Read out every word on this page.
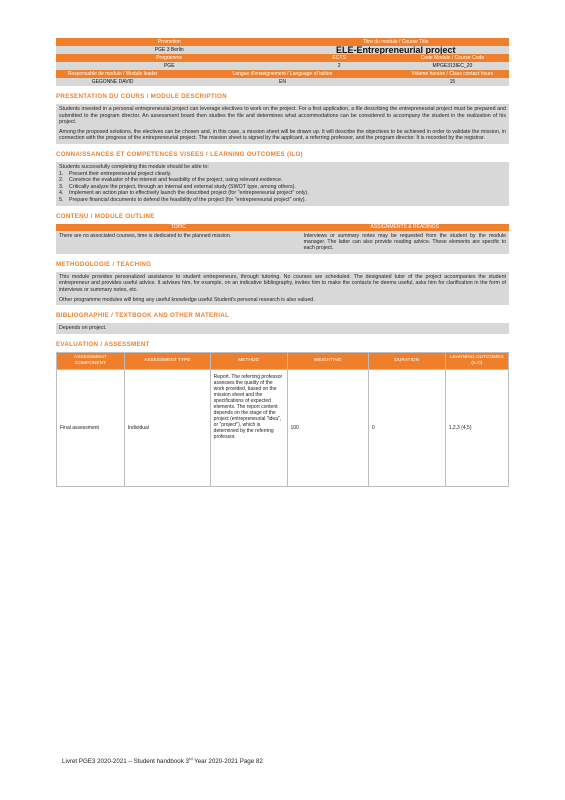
Promotion		Titre du module / Course Title	
PGE 3 Berlin		ELE-Entrepreneurial project	
Programme		ECTS	Code Module / Course Code
PGE		2	MPGE313IEC_20
Responsable de module / Module leader	Langue d'enseignement / Language of tuition		Volume horaire / Class contact hours
GEGONNE DAVID	EN		15
PRESENTATION DU COURS / MODULE DESCRIPTION

Students invested in a personal entrepreneurial project can leverage electives to work on the project. For a first application, a file describing the entrepreneurial project must be prepared and submitted to the program director. An assessment board then studies the file and determines what accommodations can be considered to accompany the student in the realization of his project.

Among the proposed solutions, the electives can be chosen and, in this case, a mission sheet will be drawn up. It will describe the objectives to be achieved in order to validate the mission, in connection with the progress of the entrepreneurial project. The mission sheet is signed by the applicant, a referring professor, and the program director. It is recorded by the registrar.

CONNAISSANCES ET COMPETENCES VISEES / LEARNING OUTCOMES (ILO)
Students successfully completing this module should be able to:
1.	Present their entrepreneurial project clearly.
2.	Convince the evaluator of the interest and feasibility of the project, using relevant evidence.
3.	Critically analyze the project, through an internal and external study (SWOT type, among others).
4.	Implement an action plan to effectively launch the described project (for "entrepreneurial project" only).
5.	Prepare financial documents to defend the feasibility of the project (for "entrepreneurial project" only).
CONTENU / MODULE OUTLINE
TOPIC	ASSIGNMENTS & READINGS
There are no associated courses, time is dedicated to the planned mission.	Interviews or summary notes may be requested from the student by the module manager. The latter can also provide reading advice. These elements are specific to each project.
METHODOLOGIE / TEACHING

This module provides personalized assistance to student entrepreneurs, through tutoring. No courses are scheduled. The designated tutor of the project accompanies the student entrepreneur and provides useful advice. It advises him, for example, on an indicative bibliography, invites him to make the contacts he deems useful, asks him for clarification in the form of interviews or summary notes, etc.

Other programme modules will bring any useful knowledge useful Student's personal research is also valued.

BIBLIOGRAPHIE / TEXTBOOK AND OTHER MATERIAL
Depends on project.
EVALUATION / ASSESSMENT
ASSESSMENT COMPONENT	ASSESSMENT TYPE	METHOD	WEIGHTING	DURATION	LEARNING OUTCOMES (ILO)
Final assessment	Individual	Report. The referring professor assesses the quality of the work provided, based on the mission sheet and the specifications of expected elements. The report content depends on the stage of the project (entrepreneurial "idea", or "project"), which is determined by the referring professor.	100	0	1,2,3 (4,5)
Livret PGE3 2020-2021 – Student handbook 3rd Year 2020-2021 Page 82
